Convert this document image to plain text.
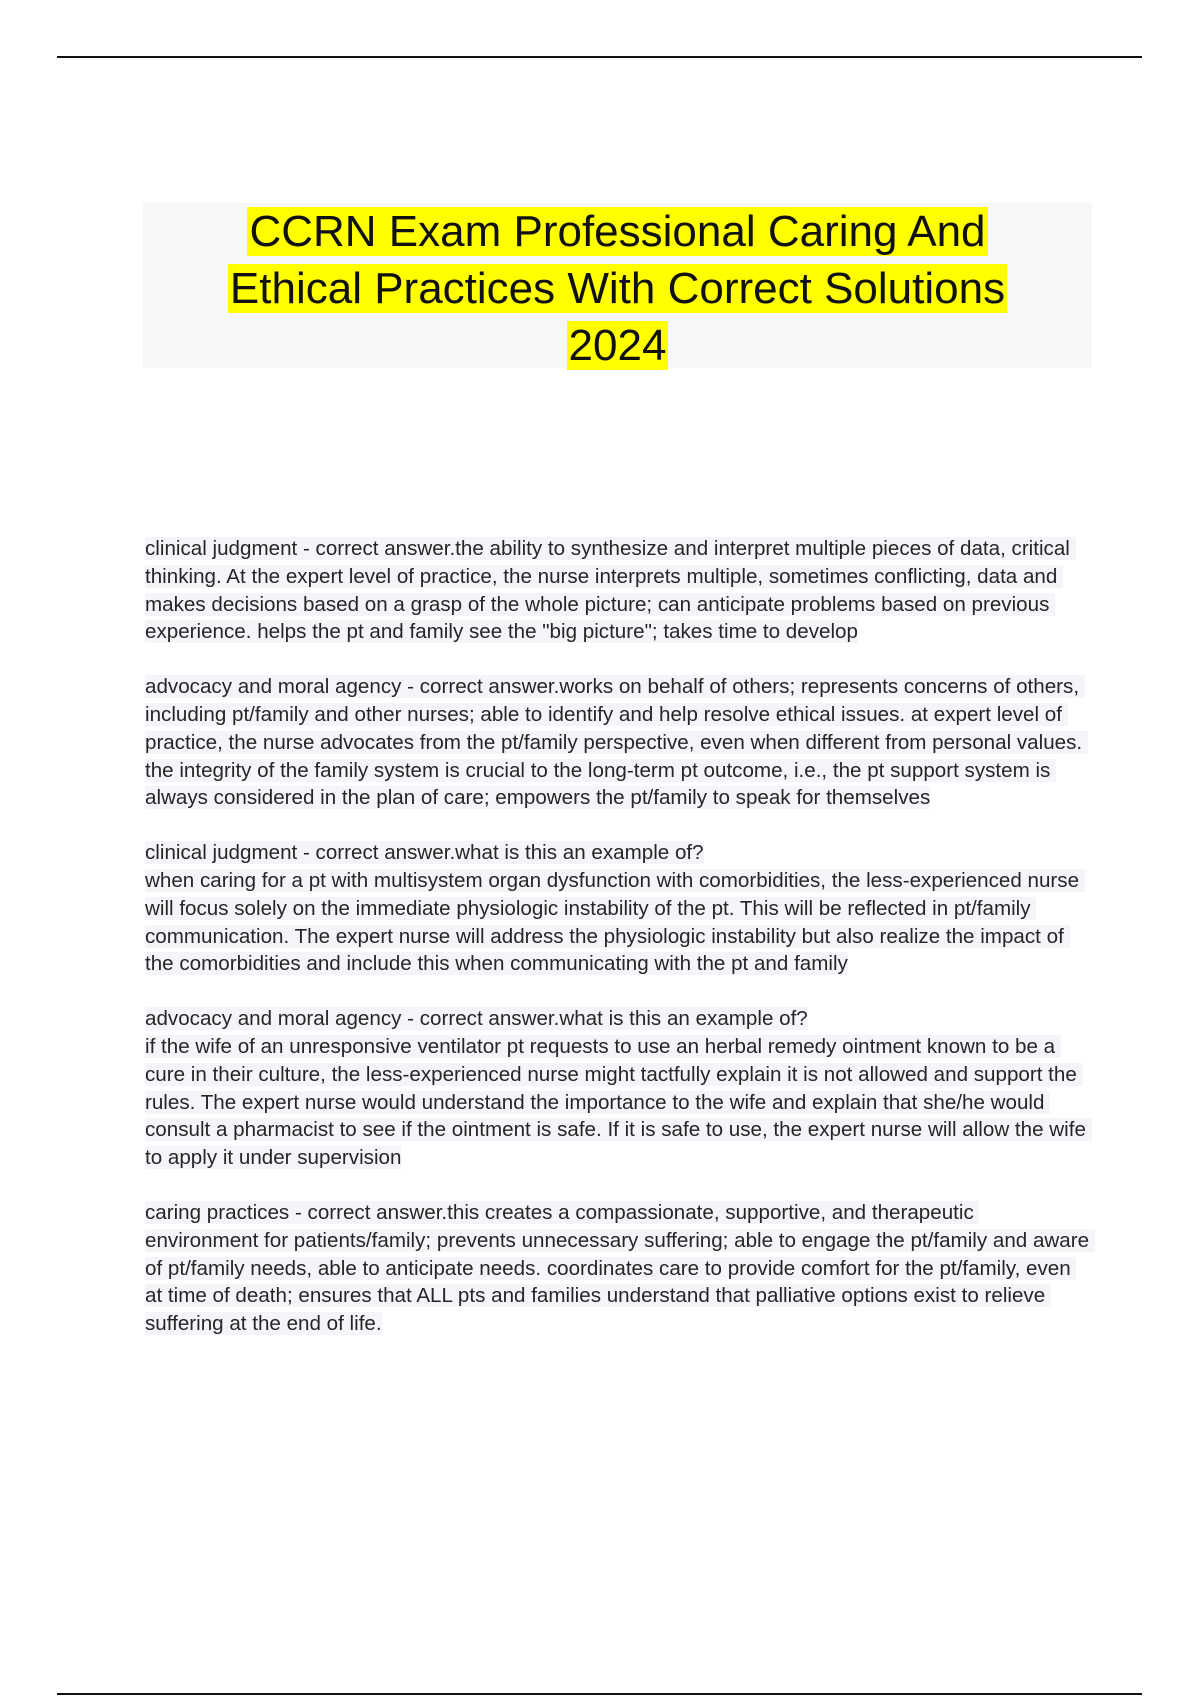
CCRN Exam Professional Caring And Ethical Practices With Correct Solutions 2024
clinical judgment - correct answer.the ability to synthesize and interpret multiple pieces of data, critical thinking. At the expert level of practice, the nurse interprets multiple, sometimes conflicting, data and makes decisions based on a grasp of the whole picture; can anticipate problems based on previous experience. helps the pt and family see the "big picture"; takes time to develop
advocacy and moral agency - correct answer.works on behalf of others; represents concerns of others, including pt/family and other nurses; able to identify and help resolve ethical issues. at expert level of practice, the nurse advocates from the pt/family perspective, even when different from personal values. the integrity of the family system is crucial to the long-term pt outcome, i.e., the pt support system is always considered in the plan of care; empowers the pt/family to speak for themselves
clinical judgment - correct answer.what is this an example of?
when caring for a pt with multisystem organ dysfunction with comorbidities, the less-experienced nurse will focus solely on the immediate physiologic instability of the pt. This will be reflected in pt/family communication. The expert nurse will address the physiologic instability but also realize the impact of the comorbidities and include this when communicating with the pt and family
advocacy and moral agency - correct answer.what is this an example of?
if the wife of an unresponsive ventilator pt requests to use an herbal remedy ointment known to be a cure in their culture, the less-experienced nurse might tactfully explain it is not allowed and support the rules. The expert nurse would understand the importance to the wife and explain that she/he would consult a pharmacist to see if the ointment is safe. If it is safe to use, the expert nurse will allow the wife to apply it under supervision
caring practices - correct answer.this creates a compassionate, supportive, and therapeutic environment for patients/family; prevents unnecessary suffering; able to engage the pt/family and aware of pt/family needs, able to anticipate needs. coordinates care to provide comfort for the pt/family, even at time of death; ensures that ALL pts and families understand that palliative options exist to relieve suffering at the end of life.
